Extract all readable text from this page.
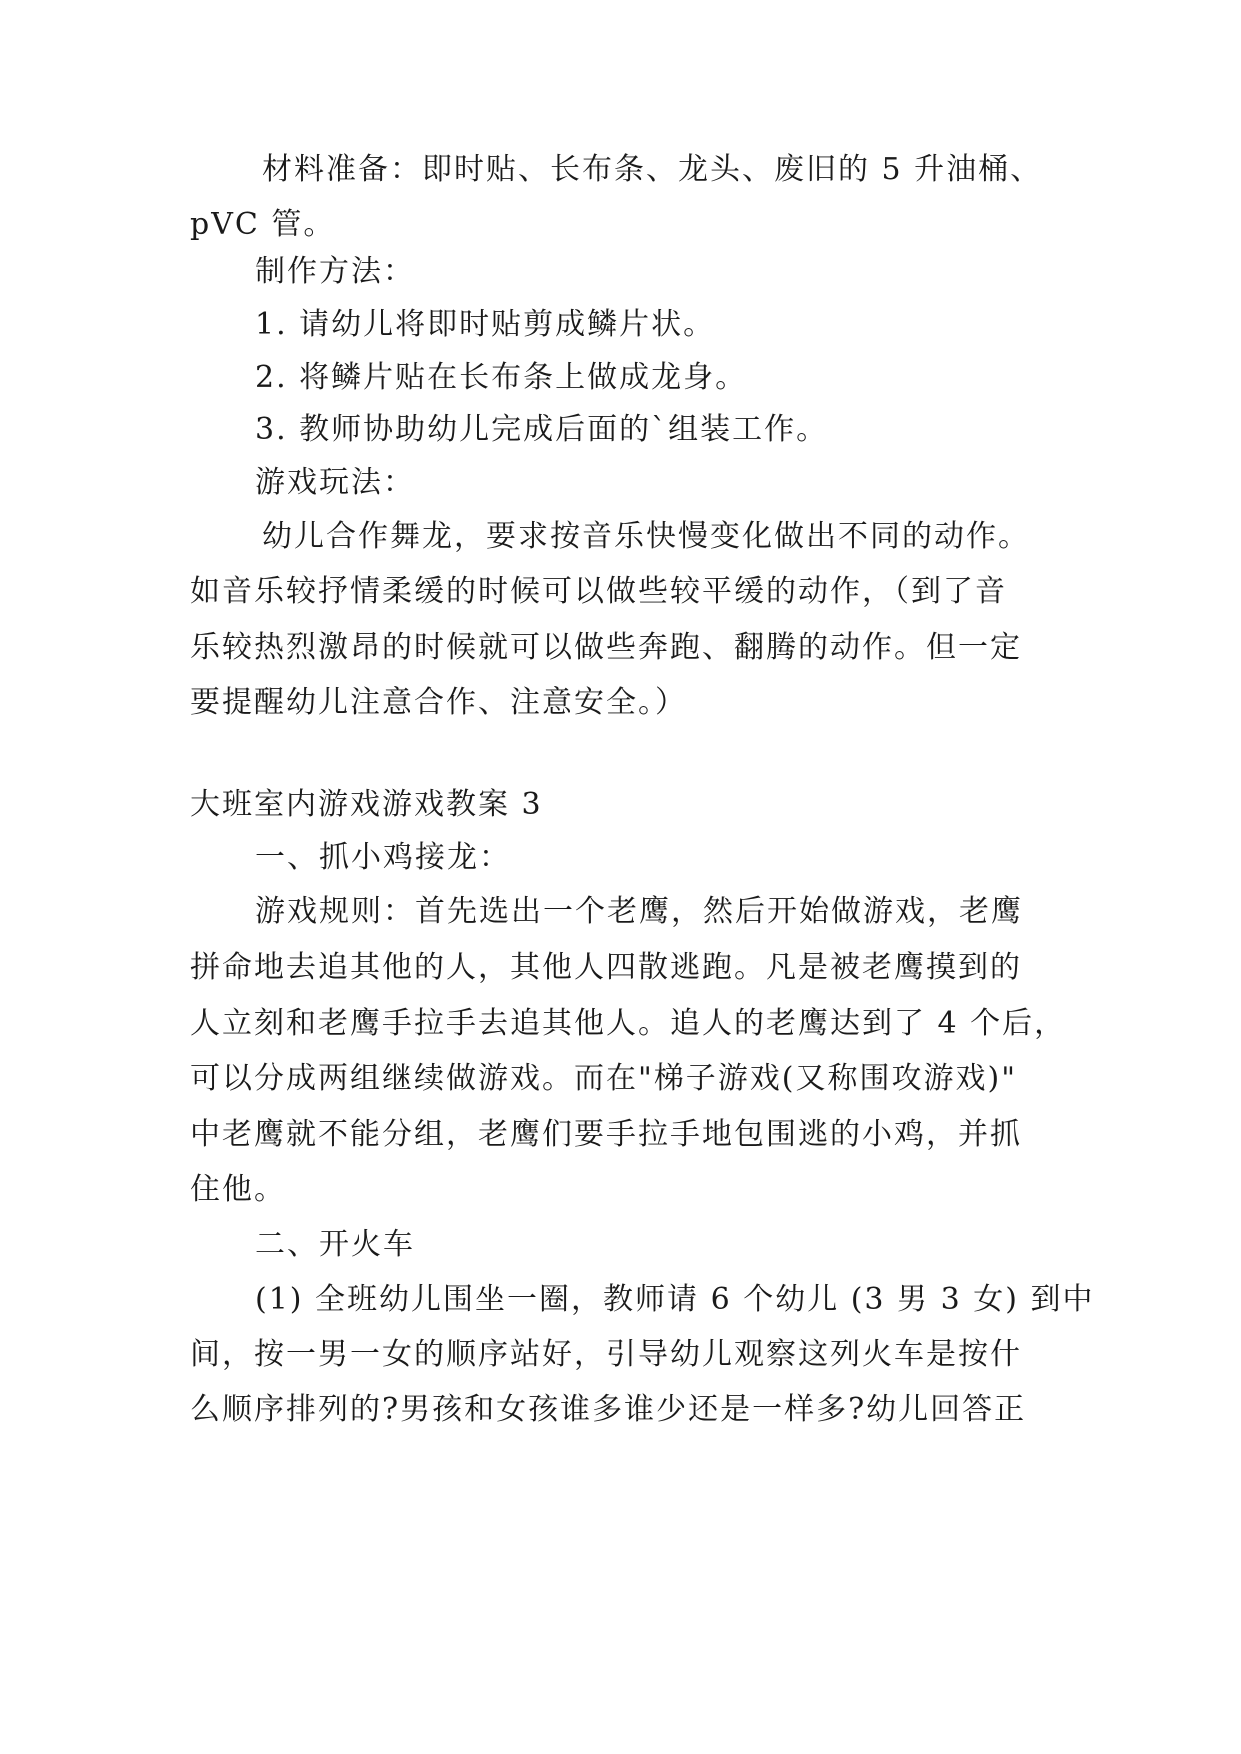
材料准备：即时贴、长布条、龙头、废旧的 5 升油桶、
pVC 管。
制作方法：
1. 请幼儿将即时贴剪成鳞片状。
2. 将鳞片贴在长布条上做成龙身。
3. 教师协助幼儿完成后面的`组装工作。
游戏玩法：
幼儿合作舞龙，要求按音乐快慢变化做出不同的动作。
如音乐较抒情柔缓的时候可以做些较平缓的动作，（到了音
乐较热烈激昂的时候就可以做些奔跑、翻腾的动作。但一定
要提醒幼儿注意合作、注意安全。）
大班室内游戏游戏教案 3
一、抓小鸡接龙：
游戏规则：首先选出一个老鹰，然后开始做游戏，老鹰
拼命地去追其他的人，其他人四散逃跑。凡是被老鹰摸到的
人立刻和老鹰手拉手去追其他人。追人的老鹰达到了 4 个后，
可以分成两组继续做游戏。而在"梯子游戏(又称围攻游戏)"
中老鹰就不能分组，老鹰们要手拉手地包围逃的小鸡，并抓
住他。
二、开火车
(1) 全班幼儿围坐一圈，教师请 6 个幼儿 (3 男 3 女) 到中
间，按一男一女的顺序站好，引导幼儿观察这列火车是按什
么顺序排列的?男孩和女孩谁多谁少还是一样多?幼儿回答正
